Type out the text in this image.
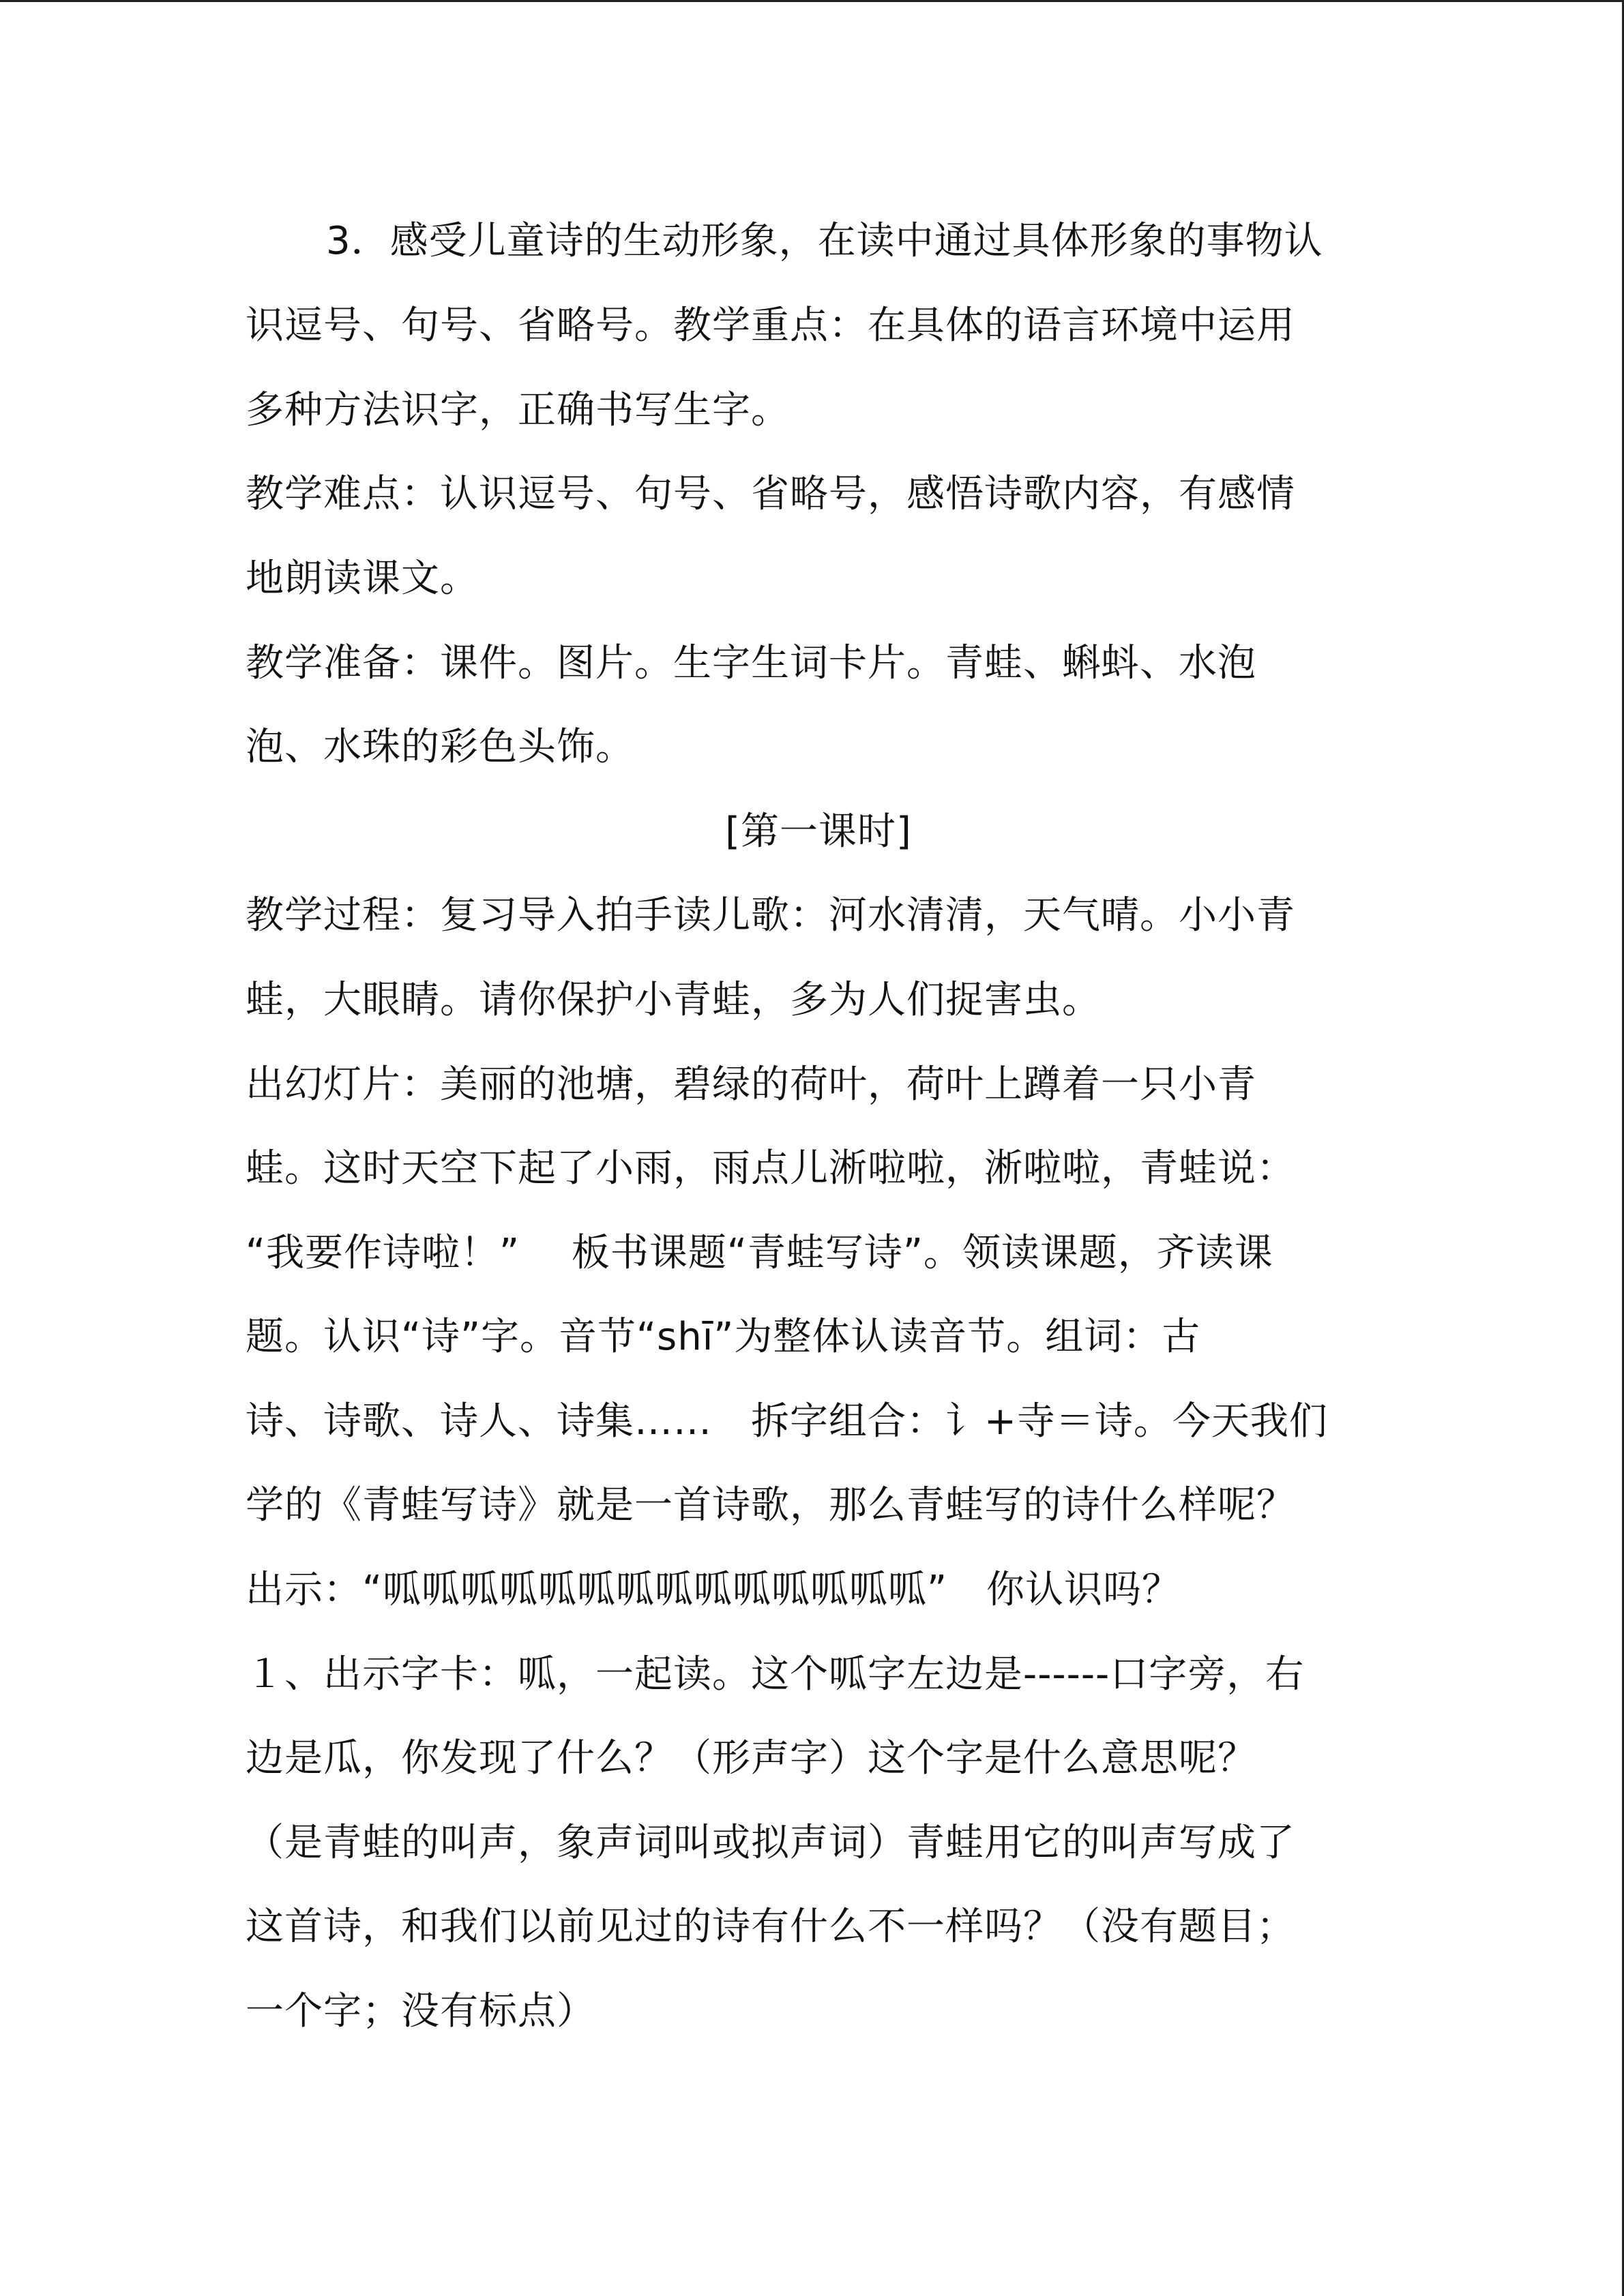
3．感受儿童诗的生动形象，在读中通过具体形象的事物认
识逗号、句号、省略号。教学重点：在具体的语言环境中运用
多种方法识字，正确书写生字。
教学难点：认识逗号、句号、省略号，感悟诗歌内容，有感情
地朗读课文。
教学准备：课件。图片。生字生词卡片。青蛙、蝌蚪、水泡
泡、水珠的彩色头饰。
[第一课时]
教学过程：复习导入拍手读儿歌：河水清清，天气晴。小小青
蛙，大眼睛。请你保护小青蛙，多为人们捉害虫。
出幻灯片：美丽的池塘，碧绿的荷叶，荷叶上蹲着一只小青
蛙。这时天空下起了小雨，雨点儿淅啦啦，淅啦啦，青蛙说：
“我要作诗啦！”　 板书课题“青蛙写诗”。领读课题，齐读课
题。认识“诗”字。音节“shī”为整体认读音节。组词：古
诗、诗歌、诗人、诗集……　拆字组合：讠+寺＝诗。今天我们
学的《青蛙写诗》就是一首诗歌，那么青蛙写的诗什么样呢？
出示：“呱呱呱呱呱呱呱呱呱呱呱呱呱呱”　你认识吗？
１、出示字卡：呱，一起读。这个呱字左边是------口字旁，右
边是瓜，你发现了什么？（形声字）这个字是什么意思呢？
（是青蛙的叫声，象声词叫或拟声词）青蛙用它的叫声写成了
这首诗，和我们以前见过的诗有什么不一样吗？（没有题目；
一个字；没有标点）
